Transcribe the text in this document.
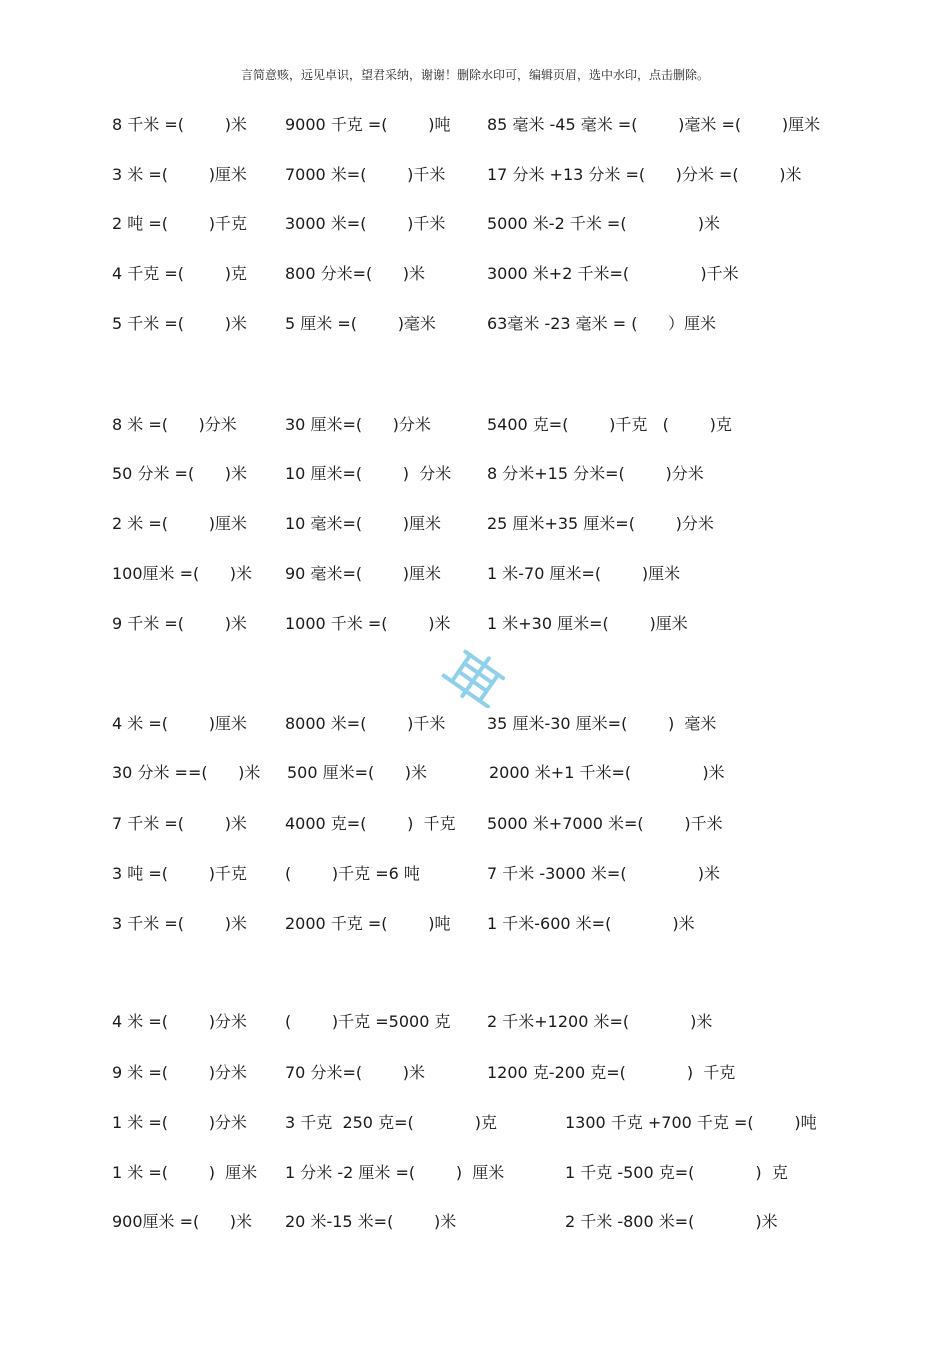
言简意赅，远见卓识，望君采纳，谢谢！删除水印可，编辑页眉，选中水印，点击删除。
8 千米 =(        )米 9000 千克 =(        )吨 85 毫米 -45 毫米 =(        )毫米 =(        )厘米
3 米 =(        )厘米 7000 米=(        )千米	17 分米 +13 分米 =(      )分米 =(        )米
2 吨 =(        )千克 3000 米=(        )千米	5000 米-2 千米 =(              )米
4 千克 =(        )克 800 分米=(      )米	3000 米+2 千米=(              )千米
5 千米 =(        )米 5 厘米 =(        )毫米	63毫米 -23 毫米 = (      ）厘米
8 米 =(      )分米	30 厘米=(      )分米	5400 克=(        )千克   (        )克
50 分米 =(      )米 10 厘米=(        )  分米 8 分米+15 分米=(        )分米
2 米 =(        )厘米 10 毫米=(        )厘米	25 厘米+35 厘米=(        )分米
100厘米 =(      )米 90 毫米=(        )厘米	1 米-70 厘米=(        )厘米
9 千米 =(        )米 1000 千米 =(        )米 1 米+30 厘米=(        )厘米
4 米 =(        )厘米 8000 米=(        )千米	35 厘米-30 厘米=(        )  毫米
30 分米 ==(      )米 500 厘米=(      )米	2000 米+1 千米=(              )米
7 千米 =(        )米 4000 克=(        )  千克 5000 米+7000 米=(        )千米
3 吨 =(        )千克 (        )千克 =6 吨	7 千米 -3000 米=(              )米
3 千米 =(        )米 2000 千克 =(        )吨 1 千米-600 米=(            )米
4 米 =(        )分米 (        )千克 =5000 克 2 千米+1200 米=(            )米
9 米 =(        )分米 70 分米=(        )米	1200 克-200 克=(            )  千克
1 米 =(        )分米 3 千克  250 克=(            )克	1300 千克 +700 千克 =(        )吨
1 米 =(        )  厘米 1 分米 -2 厘米 =(        )  厘米	1 千克 -500 克=(            )  克
900厘米 =(      )米 20 米-15 米=(        )米	2 千米 -800 米=(            )米
